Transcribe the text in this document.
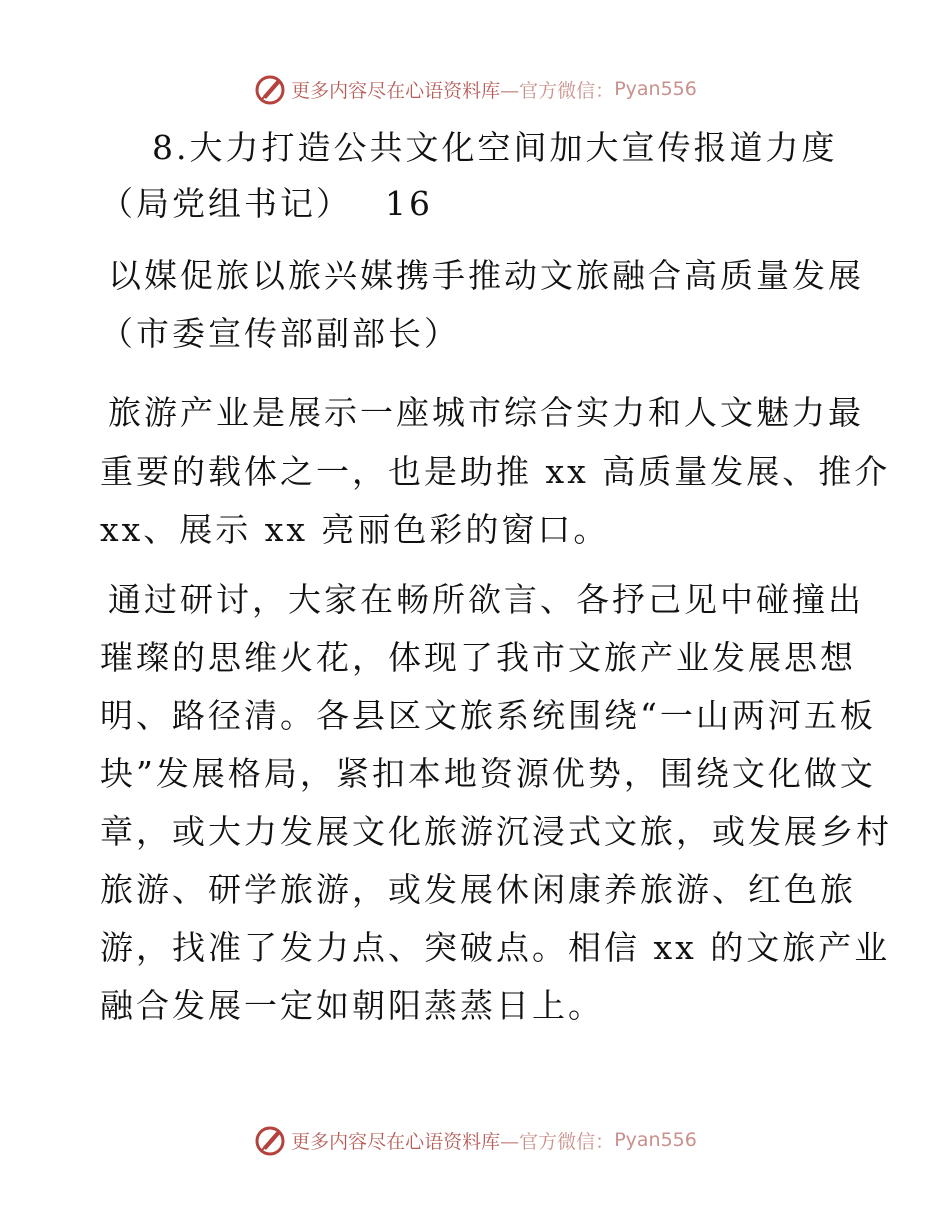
更多内容尽在心语资料库 —官方微信： Pyan556
8.大力打造公共文化空间加大宣传报道力度
（局党组书记）　 16
以媒促旅以旅兴媒携手推动文旅融合高质量发展
（市委宣传部副部长）
旅游产业是展示一座城市综合实力和人文魅力最
重要的载体之一，也是助推 xx 高质量发展、推介
xx、展示 xx 亮丽色彩的窗口。
通过研讨，大家在畅所欲言、各抒己见中碰撞出
璀璨的思维火花，体现了我市文旅产业发展思想
明、路径清。各县区文旅系统围绕“一山两河五板
块”发展格局，紧扣本地资源优势，围绕文化做文
章，或大力发展文化旅游沉浸式文旅，或发展乡村
旅游、研学旅游，或发展休闲康养旅游、红色旅
游，找准了发力点、突破点。相信 xx 的文旅产业
融合发展一定如朝阳蒸蒸日上。
更多内容尽在心语资料库 —官方微信： Pyan556
